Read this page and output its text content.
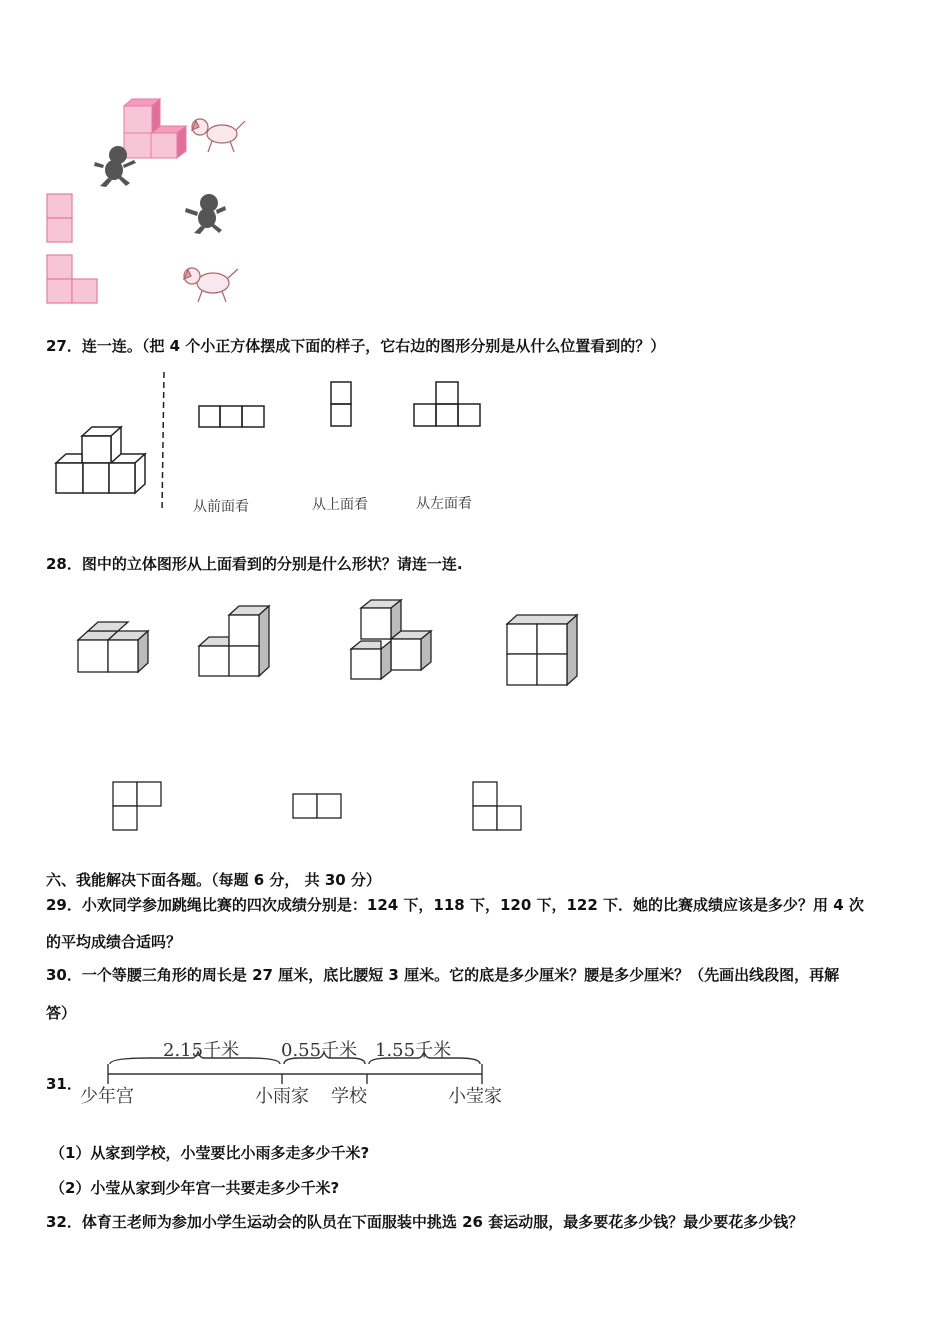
27．连一连。（把 4 个小正方体摆成下面的样子，它右边的图形分别是从什么位置看到的？）
从前面看	从上面看	从左面看
28．图中的立体图形从上面看到的分别是什么形状？请连一连.
六、我能解决下面各题。（每题 6 分， 共 30 分）
29．小欢同学参加跳绳比赛的四次成绩分别是：124 下，118 下，120 下，122 下．她的比赛成绩应该是多少？用 4 次
的平均成绩合适吗？
30．一个等腰三角形的周长是 27 厘米，底比腰短 3 厘米。它的底是多少厘米？腰是多少厘米？（先画出线段图，再解
答）
31．
2.15千米 0.55千米 1.55千米
少年宫	小雨家 学校	小莹家
（1）从家到学校，小莹要比小雨多走多少千米?
（2）小莹从家到少年宫一共要走多少千米?
32．体育王老师为参加小学生运动会的队员在下面服装中挑选 26 套运动服，最多要花多少钱？最少要花多少钱？
